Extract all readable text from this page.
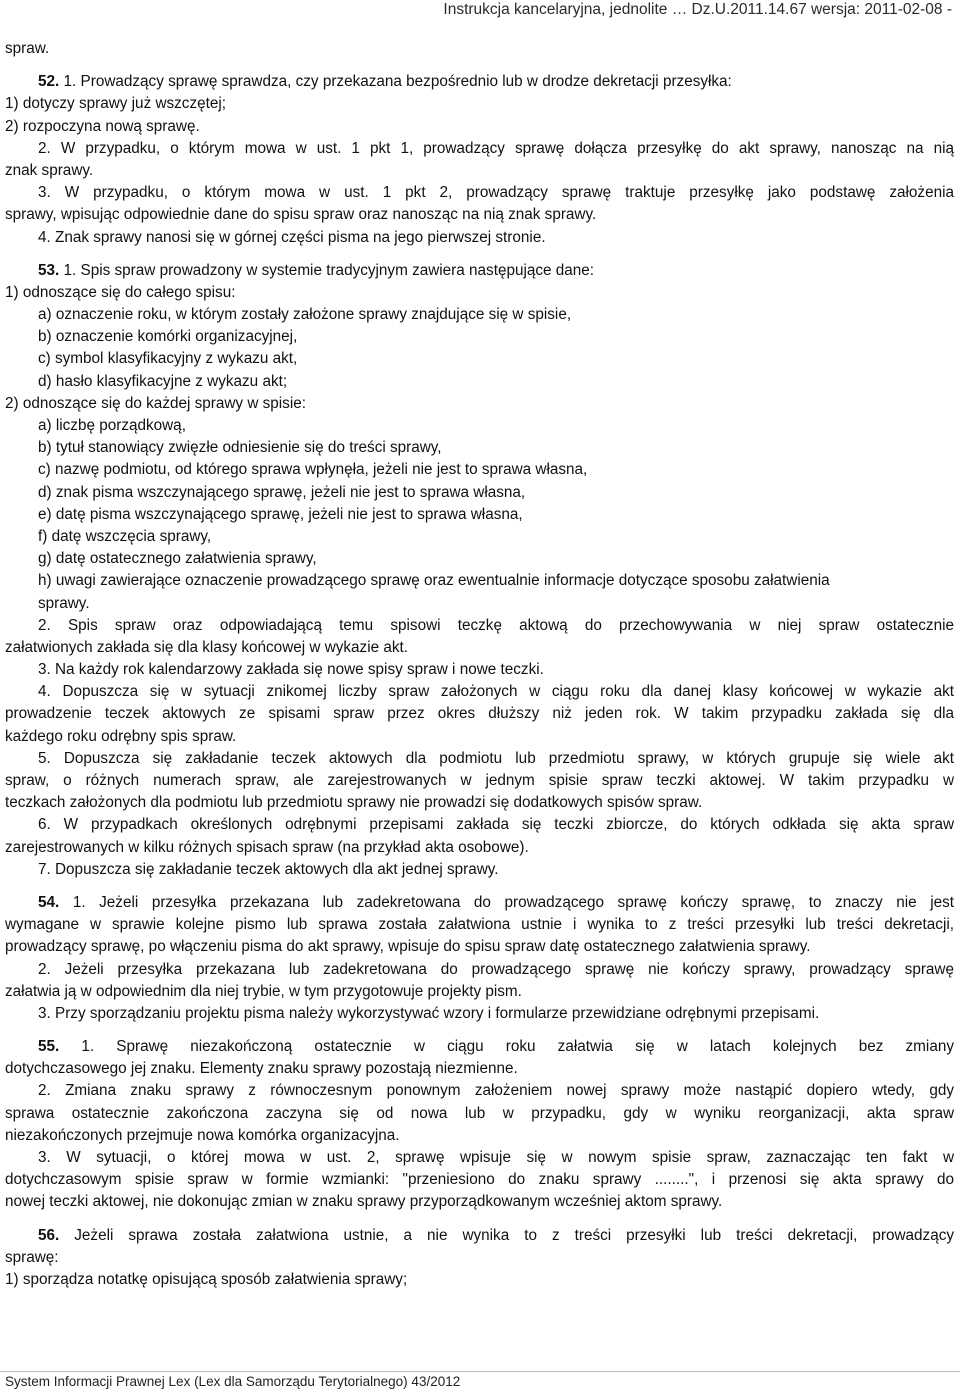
Instrukcja kancelaryjna, jednolite … Dz.U.2011.14.67 wersja: 2011-02-08 -
spraw.
52. 1. Prowadzący sprawę sprawdza, czy przekazana bezpośrednio lub w drodze dekretacji przesyłka:
1) dotyczy sprawy już wszczętej;
2) rozpoczyna nową sprawę.
2. W przypadku, o którym mowa w ust. 1 pkt 1, prowadzący sprawę dołącza przesyłkę do akt sprawy, nanosząc na nią
znak sprawy.
3. W przypadku, o którym mowa w ust. 1 pkt 2, prowadzący sprawę traktuje przesyłkę jako podstawę założenia
sprawy, wpisując odpowiednie dane do spisu spraw oraz nanosząc na nią znak sprawy.
4. Znak sprawy nanosi się w górnej części pisma na jego pierwszej stronie.
53. 1. Spis spraw prowadzony w systemie tradycyjnym zawiera następujące dane:
1) odnoszące się do całego spisu:
a) oznaczenie roku, w którym zostały założone sprawy znajdujące się w spisie,
b) oznaczenie komórki organizacyjnej,
c) symbol klasyfikacyjny z wykazu akt,
d) hasło klasyfikacyjne z wykazu akt;
2) odnoszące się do każdej sprawy w spisie:
a) liczbę porządkową,
b) tytuł stanowiący zwięzłe odniesienie się do treści sprawy,
c) nazwę podmiotu, od którego sprawa wpłynęła, jeżeli nie jest to sprawa własna,
d) znak pisma wszczynającego sprawę, jeżeli nie jest to sprawa własna,
e) datę pisma wszczynającego sprawę, jeżeli nie jest to sprawa własna,
f) datę wszczęcia sprawy,
g) datę ostatecznego załatwienia sprawy,
h) uwagi zawierające oznaczenie prowadzącego sprawę oraz ewentualnie informacje dotyczące sposobu załatwienia
sprawy.
2. Spis spraw oraz odpowiadającą temu spisowi teczkę aktową do przechowywania w niej spraw ostatecznie
załatwionych zakłada się dla klasy końcowej w wykazie akt.
3. Na każdy rok kalendarzowy zakłada się nowe spisy spraw i nowe teczki.
4. Dopuszcza się w sytuacji znikomej liczby spraw założonych w ciągu roku dla danej klasy końcowej w wykazie akt
prowadzenie teczek aktowych ze spisami spraw przez okres dłuższy niż jeden rok. W takim przypadku zakłada się dla
każdego roku odrębny spis spraw.
5. Dopuszcza się zakładanie teczek aktowych dla podmiotu lub przedmiotu sprawy, w których grupuje się wiele akt
spraw, o różnych numerach spraw, ale zarejestrowanych w jednym spisie spraw teczki aktowej. W takim przypadku w
teczkach założonych dla podmiotu lub przedmiotu sprawy nie prowadzi się dodatkowych spisów spraw.
6. W przypadkach określonych odrębnymi przepisami zakłada się teczki zbiorcze, do których odkłada się akta spraw
zarejestrowanych w kilku różnych spisach spraw (na przykład akta osobowe).
7. Dopuszcza się zakładanie teczek aktowych dla akt jednej sprawy.
54. 1. Jeżeli przesyłka przekazana lub zadekretowana do prowadzącego sprawę kończy sprawę, to znaczy nie jest
wymagane w sprawie kolejne pismo lub sprawa została załatwiona ustnie i wynika to z treści przesyłki lub treści dekretacji,
prowadzący sprawę, po włączeniu pisma do akt sprawy, wpisuje do spisu spraw datę ostatecznego załatwienia sprawy.
2. Jeżeli przesyłka przekazana lub zadekretowana do prowadzącego sprawę nie kończy sprawy, prowadzący sprawę
załatwia ją w odpowiednim dla niej trybie, w tym przygotowuje projekty pism.
3. Przy sporządzaniu projektu pisma należy wykorzystywać wzory i formularze przewidziane odrębnymi przepisami.
55. 1. Sprawę niezakończoną ostatecznie w ciągu roku załatwia się w latach kolejnych bez zmiany
dotychczasowego jej znaku. Elementy znaku sprawy pozostają niezmienne.
2. Zmiana znaku sprawy z równoczesnym ponownym założeniem nowej sprawy może nastąpić dopiero wtedy, gdy
sprawa ostatecznie zakończona zaczyna się od nowa lub w przypadku, gdy w wyniku reorganizacji, akta spraw
niezakończonych przejmuje nowa komórka organizacyjna.
3. W sytuacji, o której mowa w ust. 2, sprawę wpisuje się w nowym spisie spraw, zaznaczając ten fakt w
dotychczasowym spisie spraw w formie wzmianki: "przeniesiono do znaku sprawy ........", i przenosi się akta sprawy do
nowej teczki aktowej, nie dokonując zmian w znaku sprawy przyporządkowanym wcześniej aktom sprawy.
56. Jeżeli sprawa została załatwiona ustnie, a nie wynika to z treści przesyłki lub treści dekretacji, prowadzący
sprawę:
1) sporządza notatkę opisującą sposób załatwienia sprawy;
System Informacji Prawnej Lex (Lex dla Samorządu Terytorialnego) 43/2012
